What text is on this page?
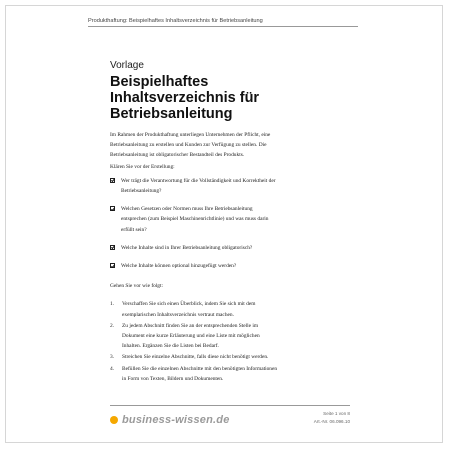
Produkthaftung: Beispielhaftes Inhaltsverzeichnis für Betriebsanleitung
Vorlage
Beispielhaftes
Inhaltsverzeichnis für
Betriebsanleitung
Im Rahmen der Produkthaftung unterliegen Unternehmen der Pflicht, eine
Betriebsanleitung zu erstellen und Kunden zur Verfügung zu stellen. Die
Betriebsanleitung ist obligatorischer Bestandteil des Produkts.
Klären Sie vor der Erstellung:
Wer trägt die Verantwortung für die Vollständigkeit und Korrektheit der
Betriebsanleitung?
Welchen Gesetzen oder Normen muss Ihre Betriebsanleitung
entsprechen (zum Beispiel Maschinenrichtlinie) und was muss darin
erfüllt sein?
Welche Inhalte sind in Ihrer Betriebsanleitung obligatorisch?
Welche Inhalte können optional hinzugefügt werden?
Gehen Sie vor wie folgt:
1.	Verschaffen Sie sich einen Überblick, indem Sie sich mit dem
exemplarischen Inhaltsverzeichnis vertraut machen.
2.	Zu jedem Abschnitt finden Sie an der entsprechenden Stelle im
Dokument eine kurze Erläuterung und eine Liste mit möglichen
Inhalten. Ergänzen Sie die Listen bei Bedarf.
3.	Streichen Sie einzelne Abschnitte, falls diese nicht benötigt werden.
4.	Befüllen Sie die einzelnen Abschnitte mit den benötigten Informationen
in Form von Texten, Bildern und Dokumenten.
business-wissen.de
Seite 1 von 8
Art.-Nr. 06.096.10
